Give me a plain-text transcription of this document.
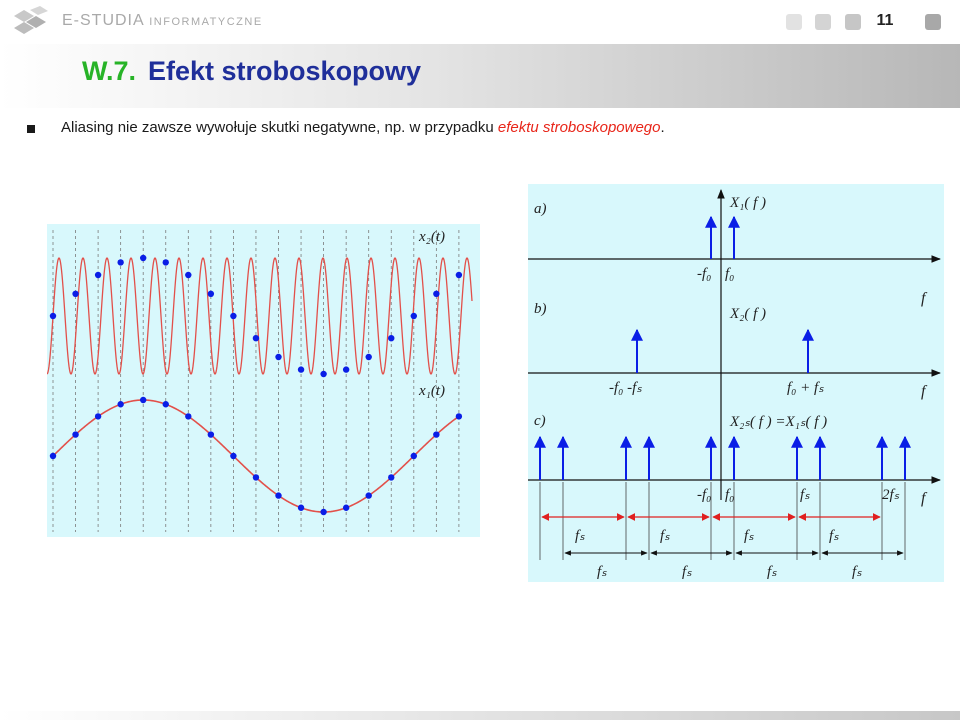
E-STUDIA INFORMATYCZNE	11
W.7. Efekt stroboskopowy
Aliasing nie zawsze wywołuje skutki negatywne, np. w przypadku efektu stroboskopowego.
x₂(t)
x₁(t)
a)	X₁( f )
-f₀ f₀
f
b)	X₂( f )
-f₀ -fₛ	f₀ + fₛ	f
c)	X₂ₛ( f ) =X₁ₛ( f )
-f₀ f₀	fₛ	2fₛ f
fₛ	fₛ	fₛ	fₛ
fₛ	fₛ	fₛ	fₛ
